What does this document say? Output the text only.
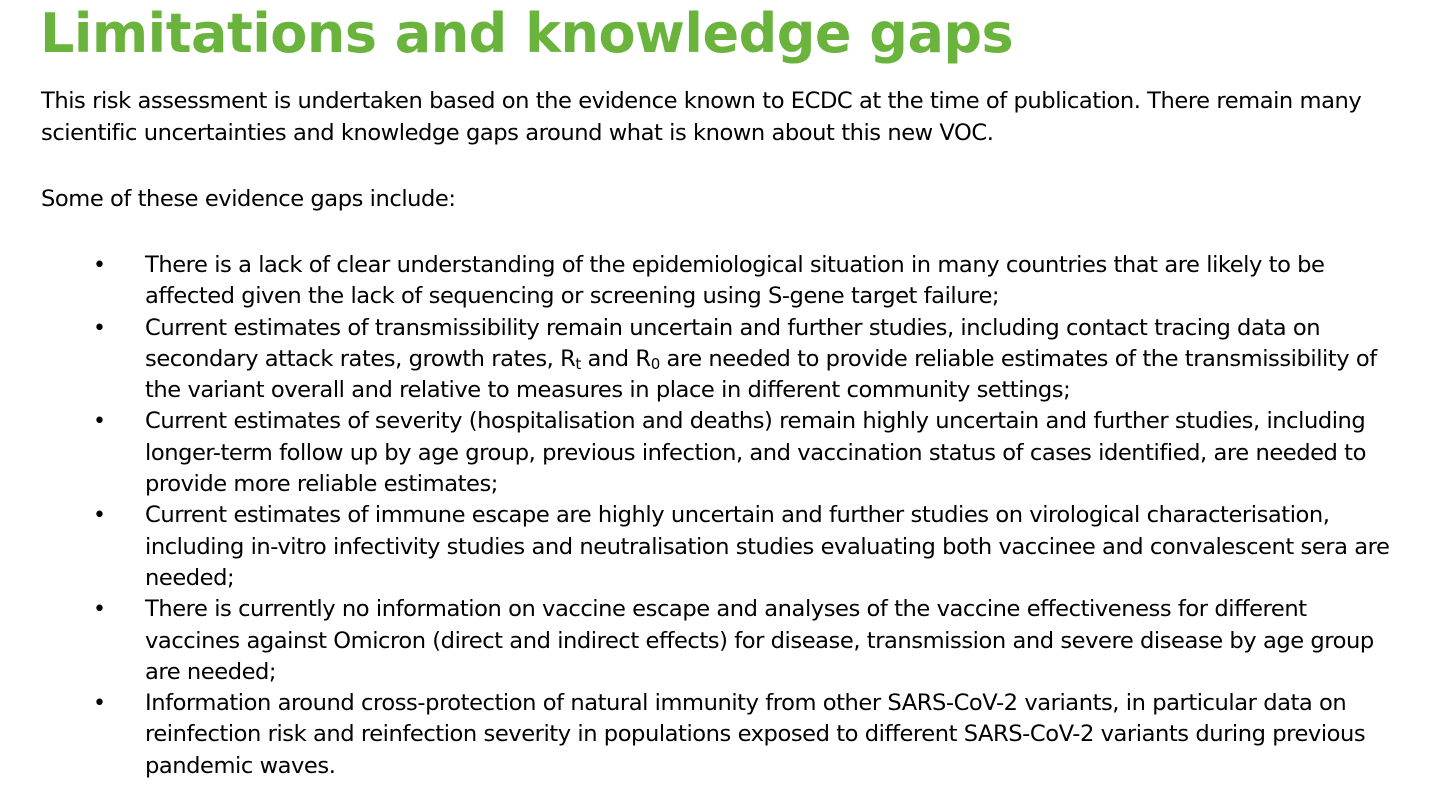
Limitations and knowledge gaps

This risk assessment is undertaken based on the evidence known to ECDC at the time of publication. There remain many scientific uncertainties and knowledge gaps around what is known about this new VOC.

Some of these evidence gaps include:

• There is a lack of clear understanding of the epidemiological situation in many countries that are likely to be affected given the lack of sequencing or screening using S-gene target failure;
• Current estimates of transmissibility remain uncertain and further studies, including contact tracing data on secondary attack rates, growth rates, $R_t$ and $R_0$ are needed to provide reliable estimates of the transmissibility of the variant overall and relative to measures in place in different community settings;
• Current estimates of severity (hospitalisation and deaths) remain highly uncertain and further studies, including longer-term follow up by age group, previous infection, and vaccination status of cases identified, are needed to provide more reliable estimates;
• Current estimates of immune escape are highly uncertain and further studies on virological characterisation, including in-vitro infectivity studies and neutralisation studies evaluating both vaccinee and convalescent sera are needed;
• There is currently no information on vaccine escape and analyses of the vaccine effectiveness for different vaccines against Omicron (direct and indirect effects) for disease, transmission and severe disease by age group are needed;
• Information around cross-protection of natural immunity from other SARS-CoV-2 variants, in particular data on reinfection risk and reinfection severity in populations exposed to different SARS-CoV-2 variants during previous pandemic waves.
